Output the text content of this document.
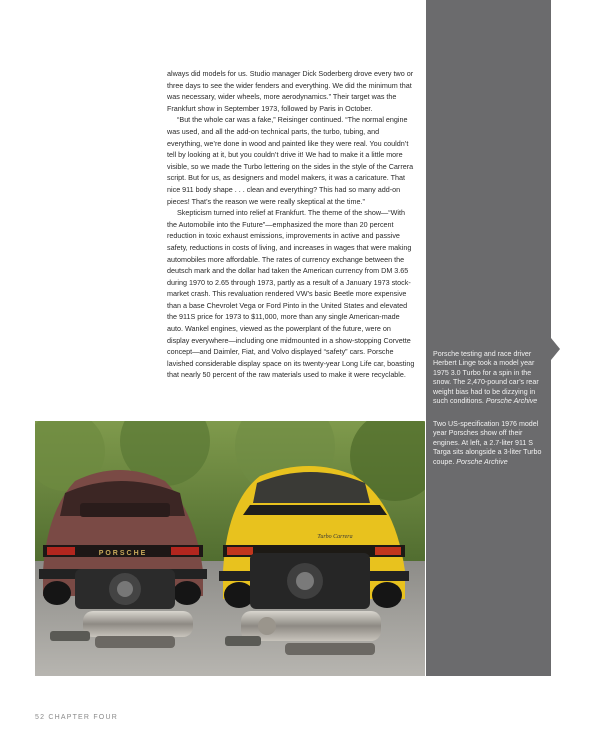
always did models for us. Studio manager Dick Soderberg drove every two or three days to see the wider fenders and everything. We did the minimum that was necessary, wider wheels, more aerodynamics.” Their target was the Frankfurt show in September 1973, followed by Paris in October.

“But the whole car was a fake,” Reisinger continued. “The normal engine was used, and all the add-on technical parts, the turbo, tubing, and everything, we’re done in wood and painted like they were real. You couldn’t tell by looking at it, but you couldn’t drive it! We had to make it a little more visible, so we made the Turbo lettering on the sides in the style of the Carrera script. But for us, as designers and model makers, it was a caricature. That nice 911 body shape . . . clean and everything? This had so many add-on pieces! That’s the reason we were really skeptical at the time.”

Skepticism turned into relief at Frankfurt. The theme of the show—“With the Automobile into the Future”—emphasized the more than 20 percent reduction in toxic exhaust emissions, improvements in active and passive safety, reductions in costs of living, and increases in wages that were making automobiles more affordable. The rates of currency exchange between the deutsch mark and the dollar had taken the American currency from DM 3.65 during 1970 to 2.65 through 1973, partly as a result of a January 1973 stock-market crash. This revaluation rendered VW’s basic Beetle more expensive than a base Chevrolet Vega or Ford Pinto in the United States and elevated the 911S price for 1973 to $11,000, more than any single American-made auto. Wankel engines, viewed as the powerplant of the future, were on display everywhere—including one midmounted in a show-stopping Corvette concept—and Daimler, Fiat, and Volvo displayed “safety” cars. Porsche lavished considerable display space on its twenty-year Long Life car, boasting that nearly 50 percent of the raw materials used to make it were recyclable.

Porsche testing and race driver Herbert Linge took a model year 1975 3.0 Turbo for a spin in the snow. The 2,470-pound car’s rear weight bias had to be dizzying in such conditions. Porsche Archive
Two US-specification 1976 model year Porsches show off their engines. At left, a 2.7-liter 911 S Targa sits alongside a 3-liter Turbo coupe. Porsche Archive
PORSCHE
Turbo Carrera
52 CHAPTER FOUR
